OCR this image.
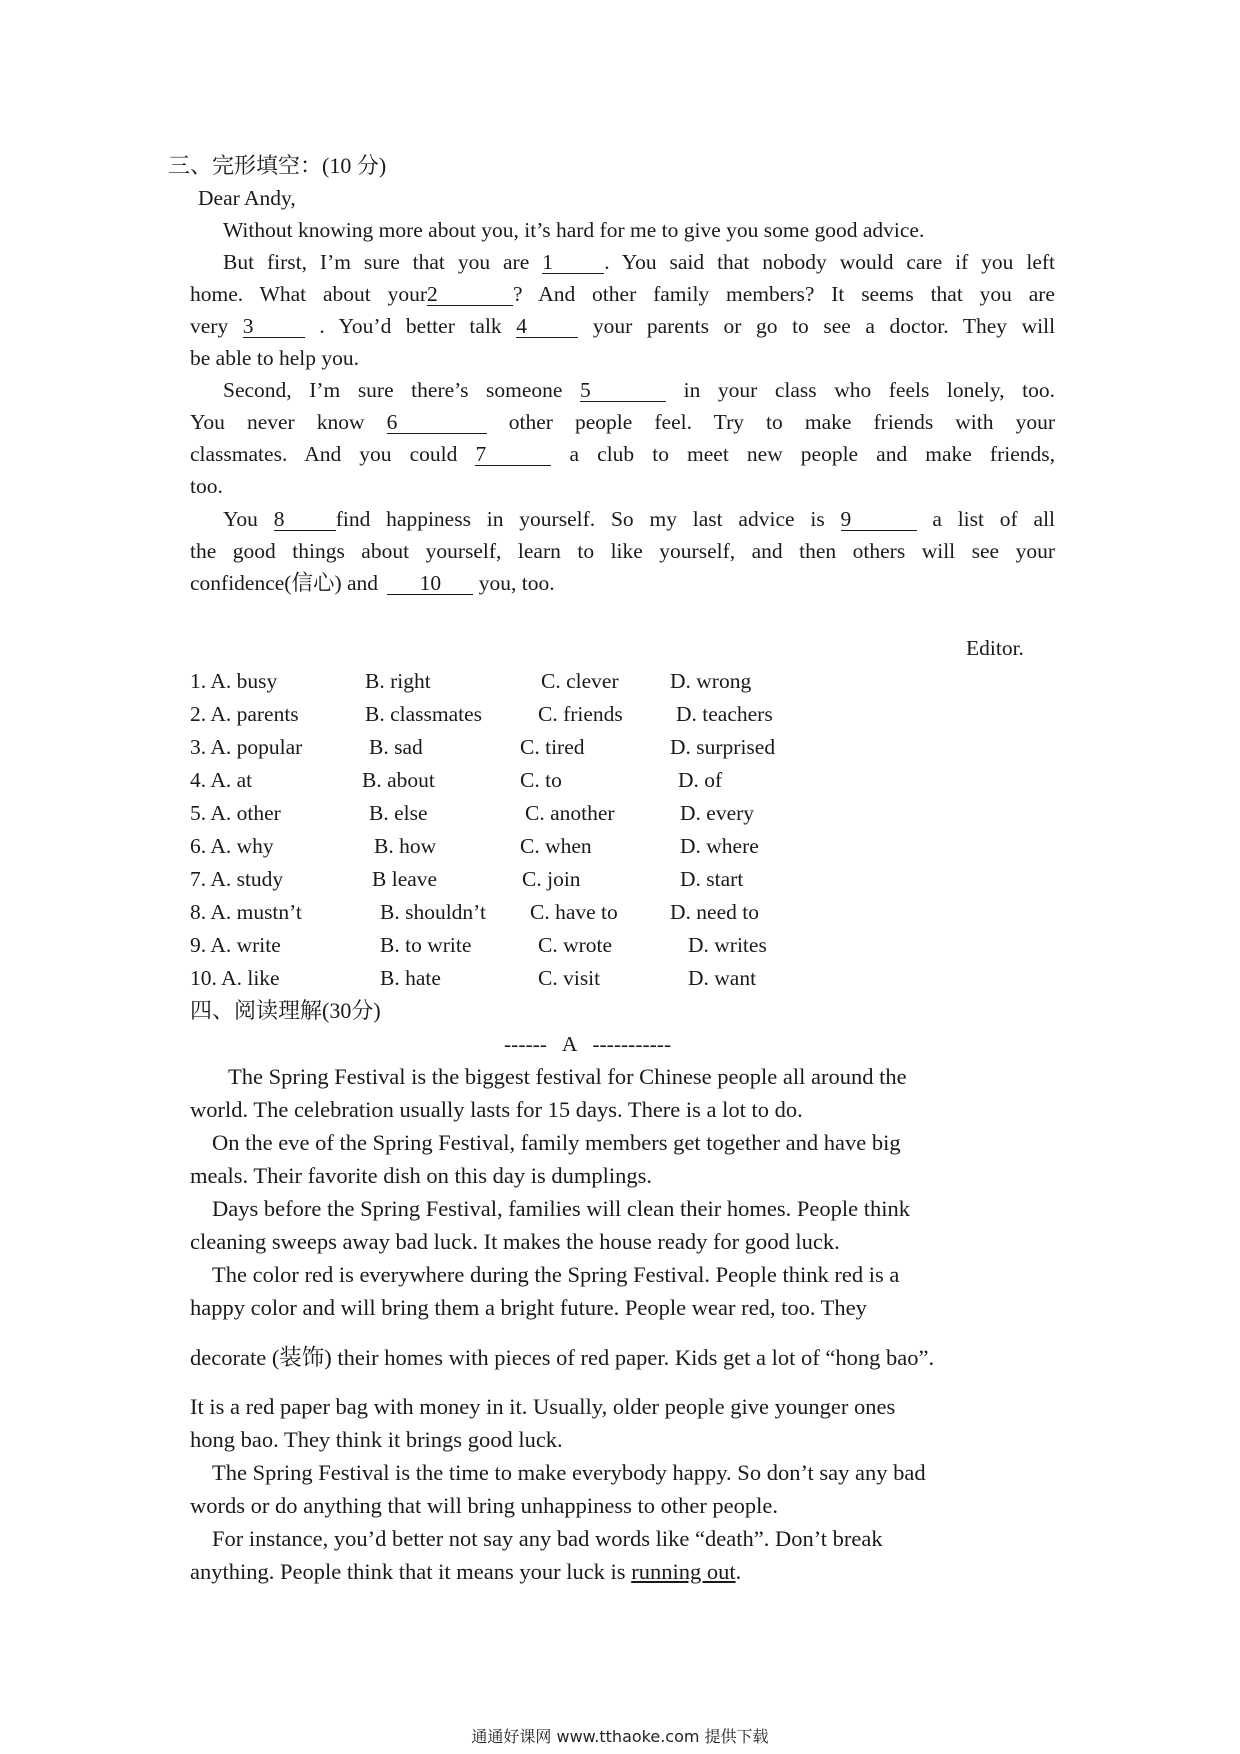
三、完形填空：(10 分)
Dear Andy,
Without knowing more about you, it’s hard for me to give you some good advice.
But first, I’m sure that you are 1 . You said that nobody would care if you left
home. What about your2	? And other family members? It seems that you are
very 3	. You’d better talk 4	your parents or go to see a doctor. They will
be able to help you.
Second, I’m sure there’s someone 5	in your class who feels lonely, too.
You never know 6	other people feel. Try to make friends with your
classmates. And you could 7	a club to meet new people and make friends,
too.
You 8 find happiness in yourself. So my last advice is 9	a list of all
the good things about yourself, learn to like yourself, and then others will see your
confidence(信心) and 10 you, too.
Editor.
1. A. busy	B. right	C. clever D. wrong
2. A. parents	B. classmates	C. friends D. teachers
3. A. popular	B. sad	C. tired	D. surprised
4. A. at	B. about	C. to	D. of
5. A. other	B. else	C. another	D. every
6. A. why	B. how	C. when	D. where
7. A. study	B leave	C. join	D. start
8. A. mustn’t	B. shouldn’t C. have to D. need to
9. A. write	B. to write	C. wrote	D. writes
10. A. like	B. hate	C. visit	D. want
四、阅读理解(30分)
------   A   -----------
The Spring Festival is the biggest festival for Chinese people all around the
world. The celebration usually lasts for 15 days. There is a lot to do.
On the eve of the Spring Festival, family members get together and have big
meals. Their favorite dish on this day is dumplings.
Days before the Spring Festival, families will clean their homes. People think
cleaning sweeps away bad luck. It makes the house ready for good luck.
The color red is everywhere during the Spring Festival. People think red is a
happy color and will bring them a bright future. People wear red, too. They
decorate (装饰) their homes with pieces of red paper. Kids get a lot of “hong bao”.
It is a red paper bag with money in it. Usually, older people give younger ones
hong bao. They think it brings good luck.
The Spring Festival is the time to make everybody happy. So don’t say any bad
words or do anything that will bring unhappiness to other people.
For instance, you’d better not say any bad words like “death”. Don’t break
anything. People think that it means your luck is running out.
通通好课网 www.tthaoke.com 提供下载
